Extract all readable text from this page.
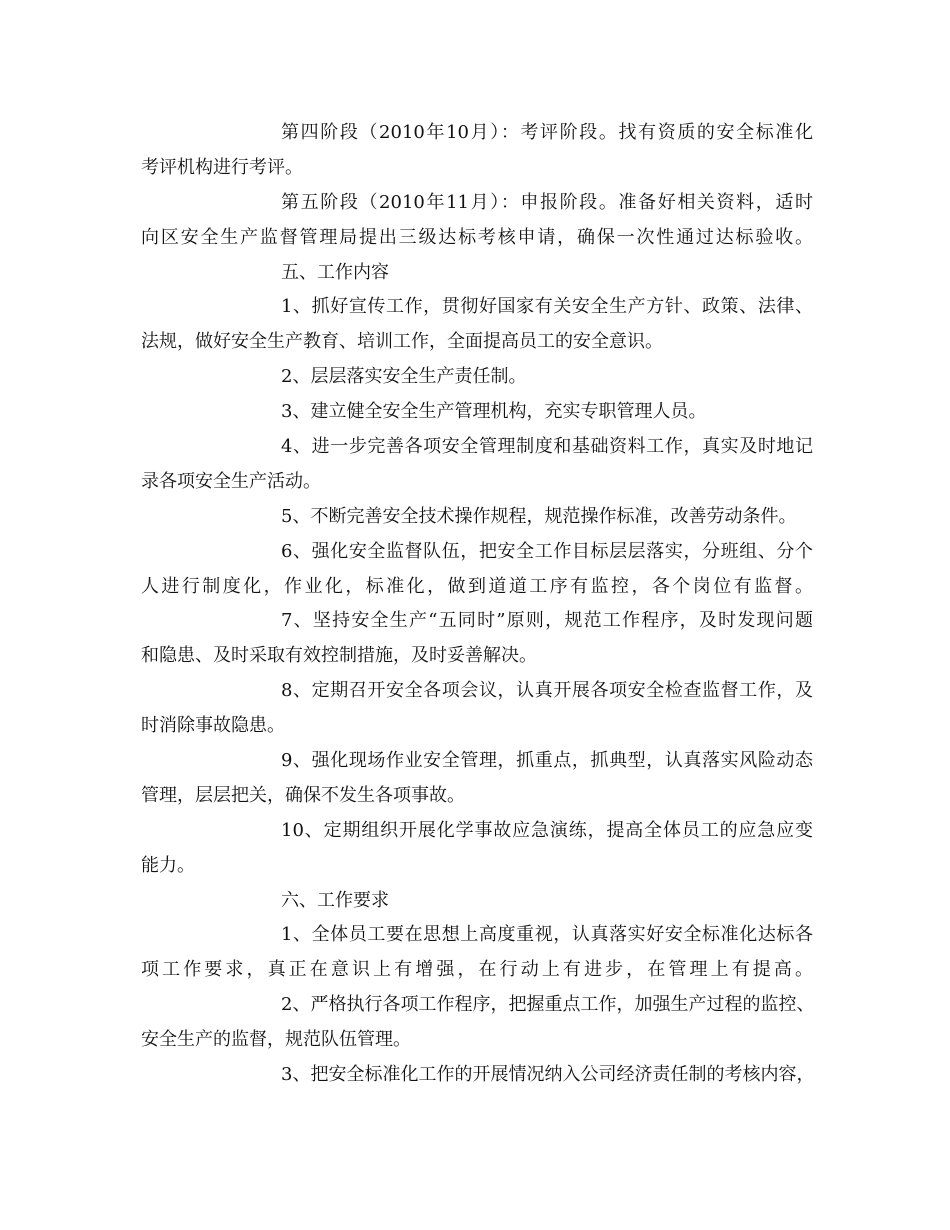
第四阶段（2010年10月）：考评阶段。找有资质的安全标准化
考评机构进行考评。
第五阶段（2010年11月）：申报阶段。准备好相关资料，适时
向区安全生产监督管理局提出三级达标考核申请，确保一次性通过达标验收。
五、工作内容
1、抓好宣传工作，贯彻好国家有关安全生产方针、政策、法律、
法规，做好安全生产教育、培训工作，全面提高员工的安全意识。
2、层层落实安全生产责任制。
3、建立健全安全生产管理机构，充实专职管理人员。
4、进一步完善各项安全管理制度和基础资料工作，真实及时地记
录各项安全生产活动。
5、不断完善安全技术操作规程，规范操作标准，改善劳动条件。
6、强化安全监督队伍，把安全工作目标层层落实，分班组、分个
人进行制度化，作业化，标准化，做到道道工序有监控，各个岗位有监督。
7、坚持安全生产“五同时”原则，规范工作程序，及时发现问题
和隐患、及时采取有效控制措施，及时妥善解决。
8、定期召开安全各项会议，认真开展各项安全检查监督工作，及
时消除事故隐患。
9、强化现场作业安全管理，抓重点，抓典型，认真落实风险动态
管理，层层把关，确保不发生各项事故。
10、定期组织开展化学事故应急演练，提高全体员工的应急应变
能力。
六、工作要求
1、全体员工要在思想上高度重视，认真落实好安全标准化达标各
项工作要求，真正在意识上有增强，在行动上有进步，在管理上有提高。
2、严格执行各项工作程序，把握重点工作，加强生产过程的监控、
安全生产的监督，规范队伍管理。
3、把安全标准化工作的开展情况纳入公司经济责任制的考核内容，
